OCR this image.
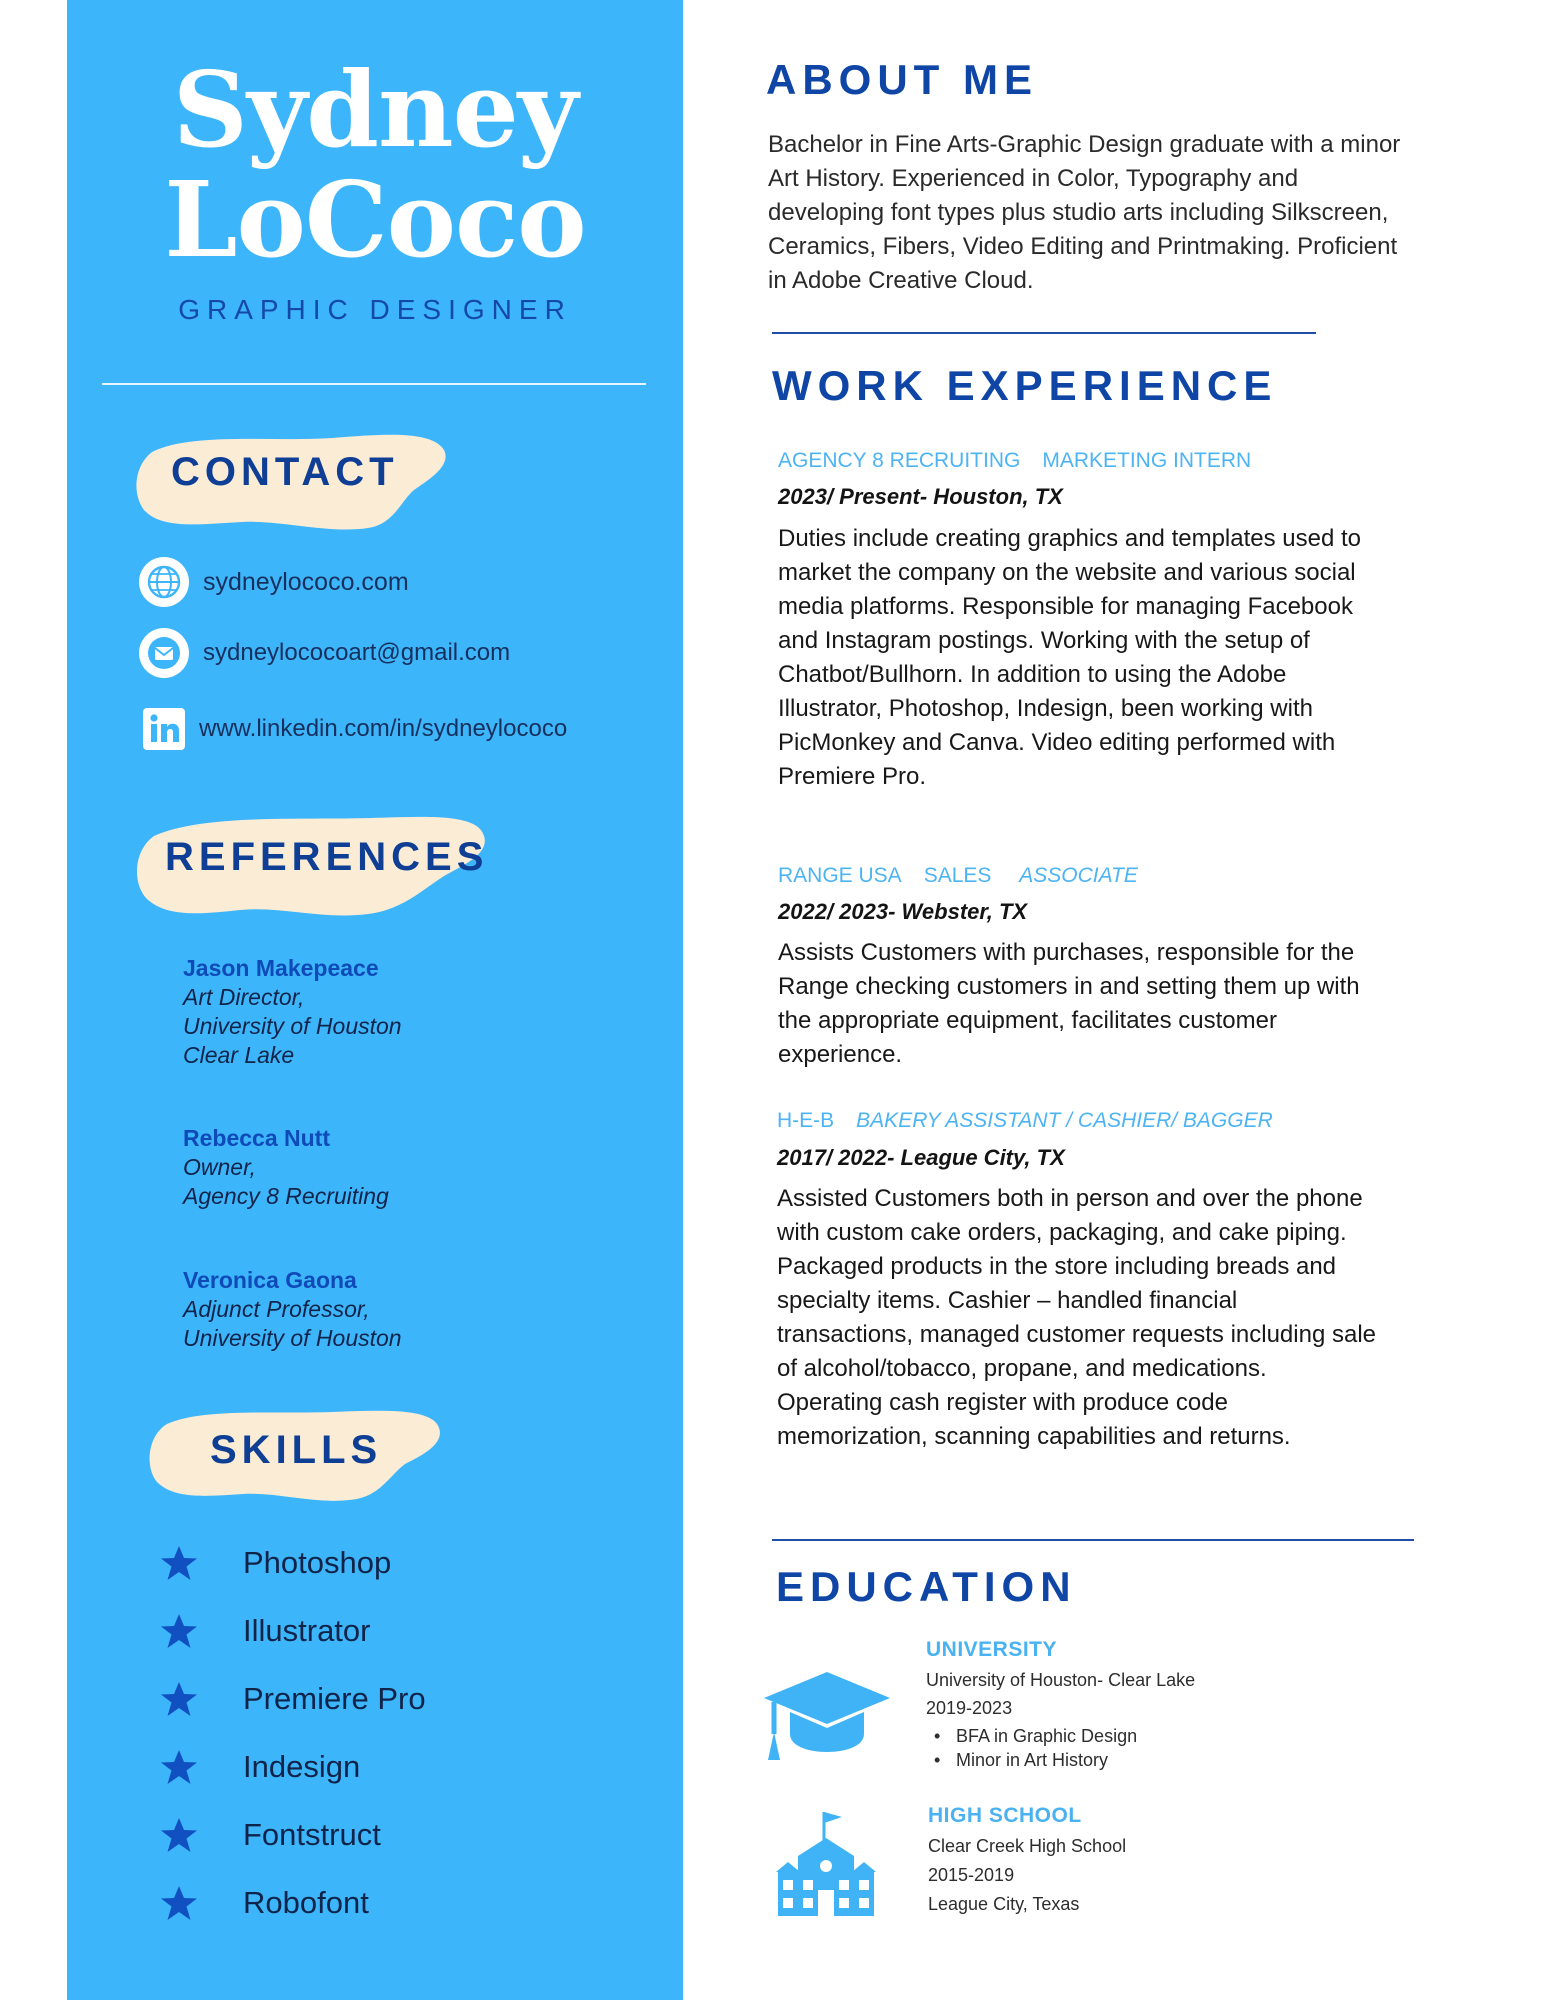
Sydney
LoCoco
GRAPHIC DESIGNER
CONTACT
sydneylococo.com
sydneylococoart@gmail.com
www.linkedin.com/in/sydneylococo
REFERENCES
Jason Makepeace
Art Director,
University of Houston
Clear Lake
Rebecca Nutt
Owner,
Agency 8 Recruiting
Veronica Gaona
Adjunct Professor,
University of Houston
SKILLS
Photoshop
Illustrator
Premiere Pro
Indesign
Fontstruct
Robofont
ABOUT ME
Bachelor in Fine Arts-Graphic Design graduate with a minor Art History. Experienced in Color, Typography and developing font types plus studio arts including Silkscreen, Ceramics, Fibers, Video Editing and Printmaking. Proficient in Adobe Creative Cloud.
WORK EXPERIENCE
AGENCY 8 RECRUITING MARKETING INTERN
2023/ Present- Houston, TX
Duties include creating graphics and templates used to market the company on the website and various social media platforms. Responsible for managing Facebook and Instagram postings. Working with the setup of Chatbot/Bullhorn. In addition to using the Adobe Illustrator, Photoshop, Indesign, been working with PicMonkey and Canva. Video editing performed with Premiere Pro.
RANGE USA SALES ASSOCIATE
2022/ 2023- Webster, TX
Assists Customers with purchases, responsible for the Range checking customers in and setting them up with the appropriate equipment, facilitates customer experience.
H-E-B BAKERY ASSISTANT / CASHIER/ BAGGER
2017/ 2022- League City, TX
Assisted Customers both in person and over the phone with custom cake orders, packaging, and cake piping. Packaged products in the store including breads and specialty items. Cashier – handled financial transactions, managed customer requests including sale of alcohol/tobacco, propane, and medications. Operating cash register with produce code memorization, scanning capabilities and returns.
EDUCATION
UNIVERSITY
University of Houston- Clear Lake
2019-2023
• BFA in Graphic Design
• Minor in Art History
HIGH SCHOOL
Clear Creek High School
2015-2019
League City, Texas
